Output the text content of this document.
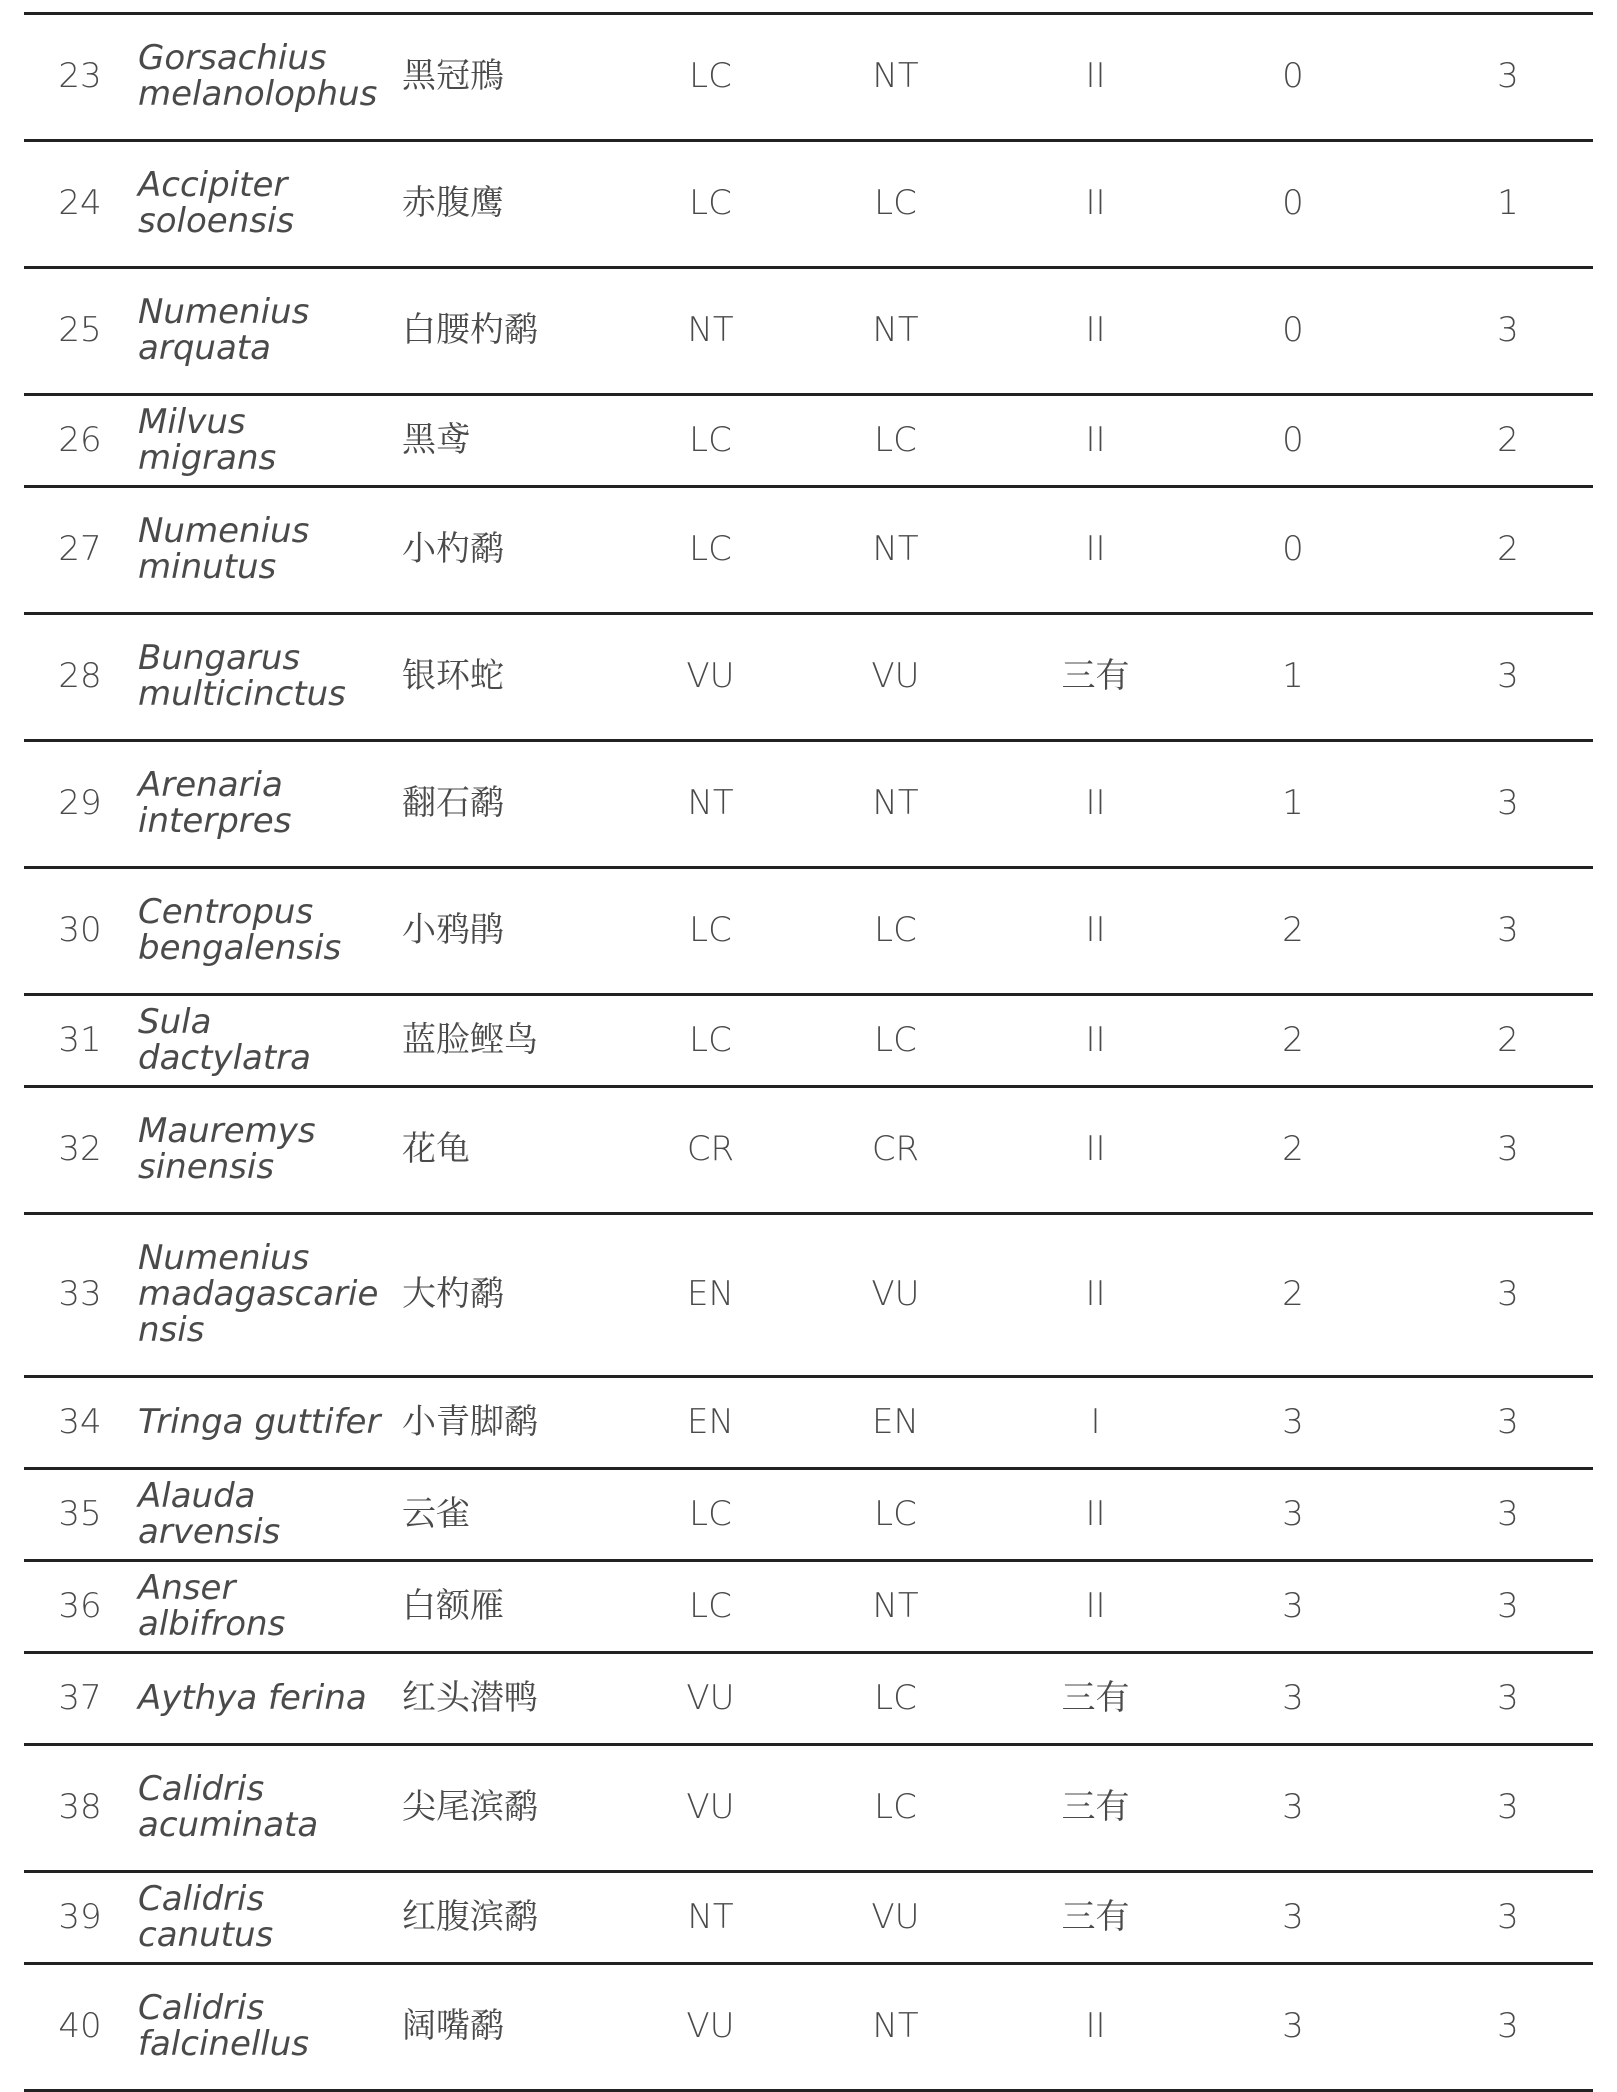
23	Gorsachius melanolophus	黑冠鳽	LC	NT	II	0	3
24	Accipiter soloensis	赤腹鹰	LC	LC	II	0	1
25	Numenius arquata	白腰杓鹬	NT	NT	II	0	3
26	Milvus migrans	黑鸢	LC	LC	II	0	2
27	Numenius minutus	小杓鹬	LC	NT	II	0	2
28	Bungarus multicinctus	银环蛇	VU	VU	三有	1	3
29	Arenaria interpres	翻石鹬	NT	NT	II	1	3
30	Centropus bengalensis	小鸦鹃	LC	LC	II	2	3
31	Sula dactylatra	蓝脸鲣鸟	LC	LC	II	2	2
32	Mauremys sinensis	花龟	CR	CR	II	2	3
33	Numenius madagascariensis	大杓鹬	EN	VU	II	2	3
34	Tringa guttifer	小青脚鹬	EN	EN	I	3	3
35	Alauda arvensis	云雀	LC	LC	II	3	3
36	Anser albifrons	白额雁	LC	NT	II	3	3
37	Aythya ferina	红头潜鸭	VU	LC	三有	3	3
38	Calidris acuminata	尖尾滨鹬	VU	LC	三有	3	3
39	Calidris canutus	红腹滨鹬	NT	VU	三有	3	3
40	Calidris falcinellus	阔嘴鹬	VU	NT	II	3	3
